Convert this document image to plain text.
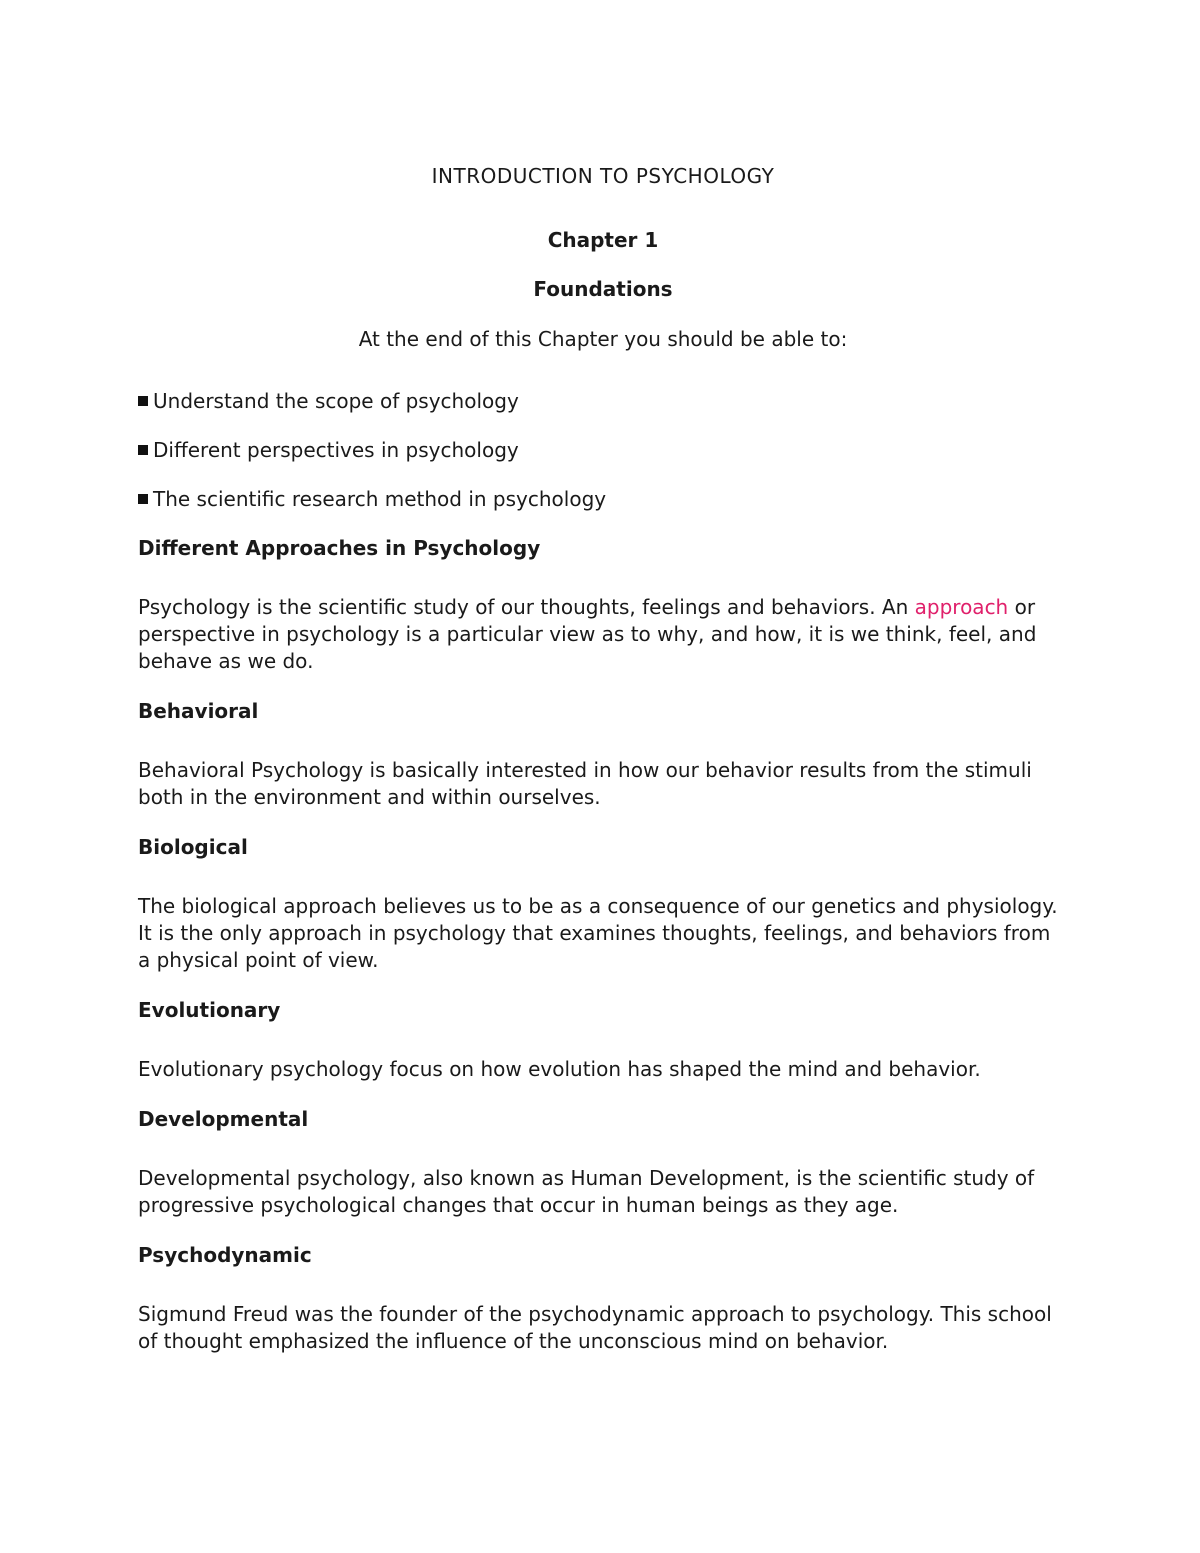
INTRODUCTION TO PSYCHOLOGY
Chapter 1
Foundations
At the end of this Chapter you should be able to:
Understand the scope of psychology
Different perspectives in psychology
The scientific research method in psychology
Different Approaches in Psychology

Psychology is the scientific study of our thoughts, feelings and behaviors. An approach or perspective in psychology is a particular view as to why, and how, it is we think, feel, and behave as we do.

Behavioral

Behavioral Psychology is basically interested in how our behavior results from the stimuli both in the environment and within ourselves.

Biological

The biological approach believes us to be as a consequence of our genetics and physiology. It is the only approach in psychology that examines thoughts, feelings, and behaviors from a physical point of view.

Evolutionary

Evolutionary psychology focus on how evolution has shaped the mind and behavior.

Developmental

Developmental psychology, also known as Human Development, is the scientific study of progressive psychological changes that occur in human beings as they age.

Psychodynamic

Sigmund Freud was the founder of the psychodynamic approach to psychology. This school of thought emphasized the influence of the unconscious mind on behavior.
